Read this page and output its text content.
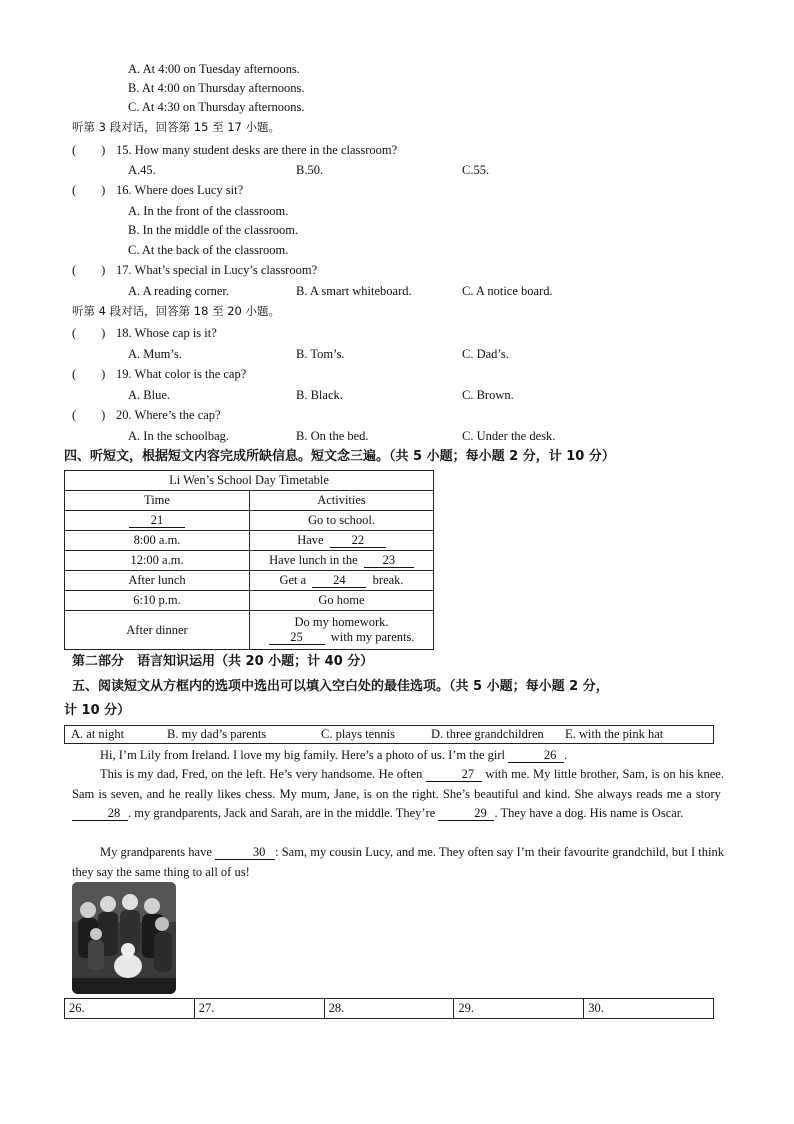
A. At 4:00 on Tuesday afternoons.
B. At 4:00 on Thursday afternoons.
C. At 4:30 on Thursday afternoons.
听第 3 段对话，回答第 15 至 17 小题。
(　　) 15. How many student desks are there in the classroom?
A.45.	B.50.	C.55.
(　　) 16. Where does Lucy sit?
A. In the front of the classroom.
B. In the middle of the classroom.
C. At the back of the classroom.
(　　) 17. What’s special in Lucy’s classroom?
A. A reading corner.	B. A smart whiteboard.	C. A notice board.
听第 4 段对话，回答第 18 至 20 小题。
(　　) 18. Whose cap is it?
A. Mum’s.	B. Tom’s.	C. Dad’s.
(　　) 19. What color is the cap?
A. Blue.	B. Black.	C. Brown.
(　　) 20. Where’s the cap?
A. In the schoolbag.	B. On the bed.	C. Under the desk.
四、听短文，根据短文内容完成所缺信息。短文念三遍。（共 5 小题；每小题 2 分，计 10 分）
Li Wen’s School Day Timetable	
Time	Activities
21	Go to school.
8:00 a.m.	Have 22
12:00 a.m.	Have lunch in the 23
After lunch	Get a 24 break.
6:10 p.m.	Go home
After dinner	Do my homework.
25 with my parents.
第二部分　语言知识运用（共 20 小题；计 40 分）
五、阅读短文从方框内的选项中选出可以填入空白处的最佳选项。（共 5 小题；每小题 2 分，
计 10 分）
A. at night	B. my dad’s parents	C. plays tennis	D. three grandchildren E. with the pink hat
Hi, I’m Lily from Ireland. I love my big family. Here’s a photo of us. I’m the girl	26 .
This is my dad, Fred, on the left. He’s very handsome. He often	27 with me. My little brother, Sam, is on his knee. Sam is seven, and he really likes chess. My mum, Jane, is on the right. She’s beautiful and kind. She always reads me a story 28 . my grandparents, Jack and Sarah, are in the middle. They’re	29 . They have a dog. His name is Oscar.
My grandparents have	30 : Sam, my cousin Lucy, and me. They often say I’m their favourite grandchild, but I think they say the same thing to all of us!
26.	27.	28.	29.	30.
